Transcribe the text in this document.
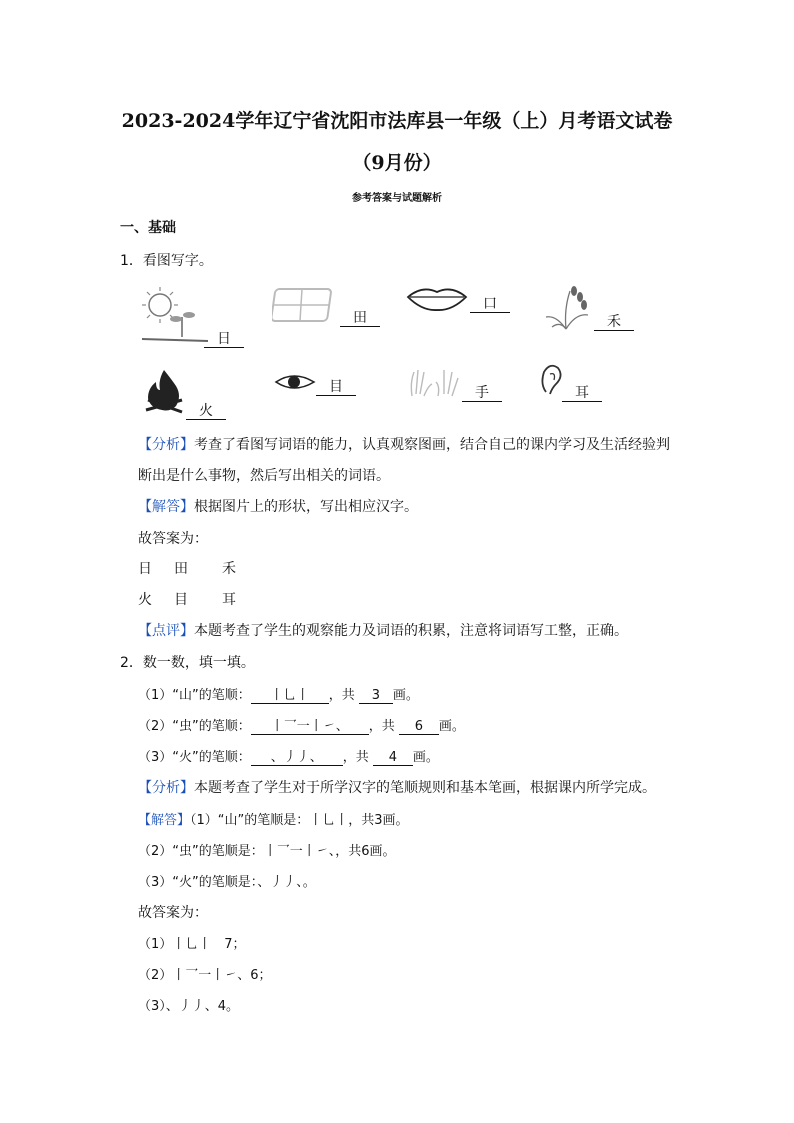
2023-2024学年辽宁省沈阳市法库县一年级（上）月考语文试卷
（9月份）
参考答案与试题解析
一、基础
1．看图写字。
日
田
口
禾
火
目	手	耳
【分析】考查了看图写词语的能力，认真观察图画，结合自己的课内学习及生活经验判
断出是什么事物，然后写出相关的词语。
【解答】根据图片上的形状，写出相应汉字。
故答案为：
日 田 禾
火 目 耳
【点评】本题考查了学生的观察能力及词语的积累，注意将词语写工整，正确。
2．数一数，填一填。
（1）“山”的笔顺： 丨乚丨 ，共 3 画。
（2）“虫”的笔顺： 丨乛一丨㇀、 ，共 6 画。
（3）“火”的笔顺： 、丿丿、 ，共 4 画。
【分析】本题考查了学生对于所学汉字的笔顺规则和基本笔画，根据课内所学完成。
【解答】（1）“山”的笔顺是：丨乚丨，共3画。
（2）“虫”的笔顺是：丨乛一丨㇀、，共6画。
（3）“火”的笔顺是：、丿丿、。
故答案为：
（1）丨乚丨　7；
（2）丨乛一丨㇀、6；
（3）、丿丿、4。
